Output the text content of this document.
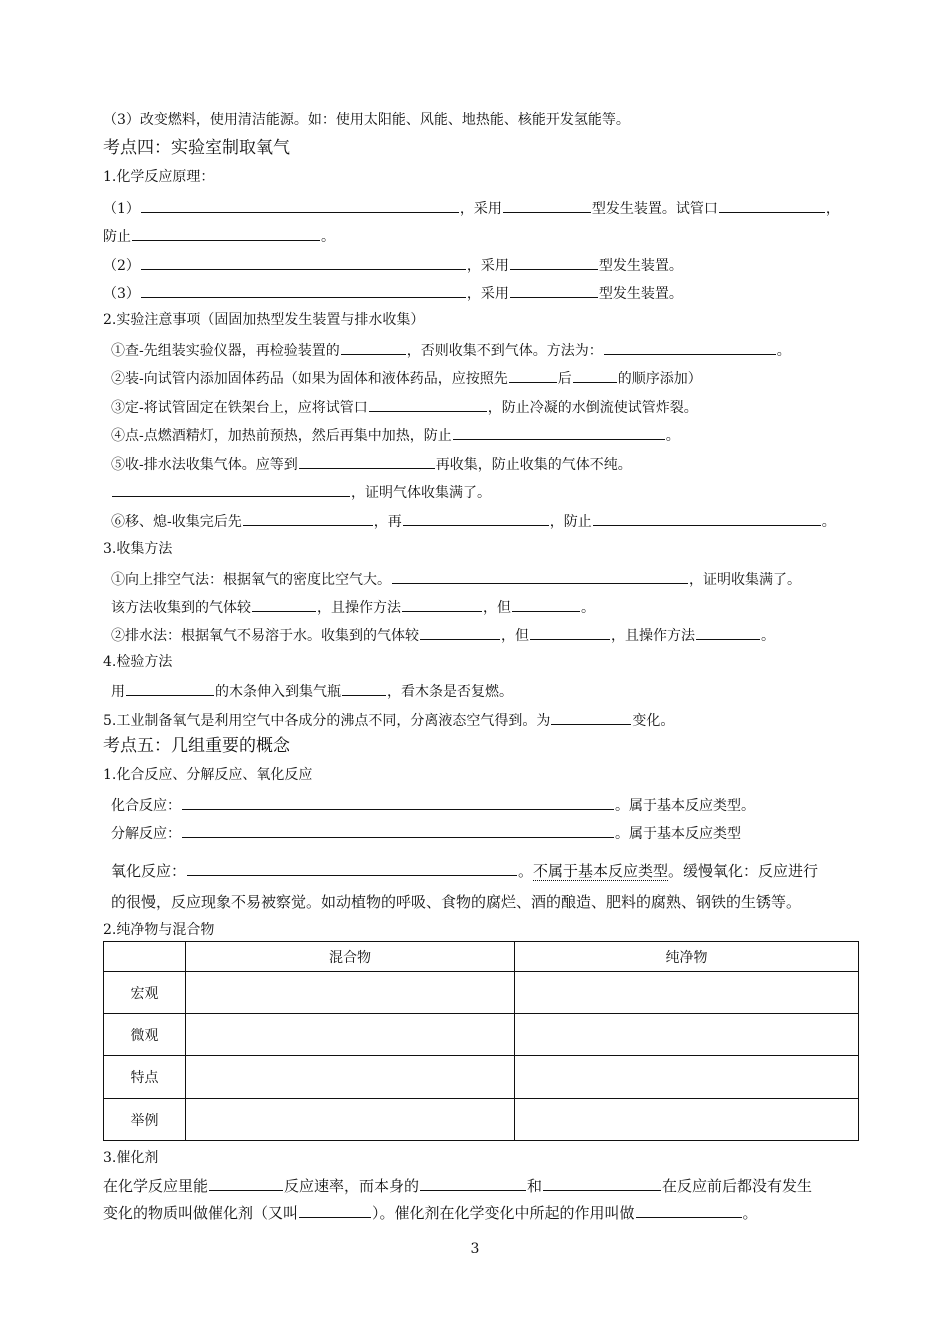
（3）改变燃料，使用清洁能源。如：使用太阳能、风能、地热能、核能开发氢能等。
考点四：实验室制取氧气
1.化学反应原理：
（1）	，采用	型发生装置。试管口	，
防止	。
（2）	，采用	型发生装置。
（3）	，采用	型发生装置。
2.实验注意事项（固固加热型发生装置与排水收集）
①查-先组装实验仪器，再检验装置的	，否则收集不到气体。方法为：	。
②装-向试管内添加固体药品（如果为固体和液体药品，应按照先	后	的顺序添加）
③定-将试管固定在铁架台上，应将试管口	，防止冷凝的水倒流使试管炸裂。
④点-点燃酒精灯，加热前预热，然后再集中加热，防止	。
⑤收-排水法收集气体。应等到	再收集，防止收集的气体不纯。
，证明气体收集满了。
⑥移、熄-收集完后先	，再	，防止	。
3.收集方法
①向上排空气法：根据氧气的密度比空气大。	，证明收集满了。
该方法收集到的气体较	，且操作方法	，但	。
②排水法：根据氧气不易溶于水。收集到的气体较	，但	，且操作方法	。
4.检验方法
用	的木条伸入到集气瓶	，看木条是否复燃。
5.工业制备氧气是利用空气中各成分的沸点不同，分离液态空气得到。为	变化。
考点五：几组重要的概念
1.化合反应、分解反应、氧化反应
化合反应：	。属于基本反应类型。
分解反应：	。属于基本反应类型
氧化反应：	。不属于基本反应类型。缓慢氧化：反应进行
的很慢，反应现象不易被察觉。如动植物的呼吸、食物的腐烂、酒的酿造、肥料的腐熟、钢铁的生锈等。
2.纯净物与混合物
	混合物	纯净物
宏观		
微观		
特点		
举例		
3.催化剂
在化学反应里能	反应速率，而本身的	和	在反应前后都没有发生
变化的物质叫做催化剂（又叫	）。催化剂在化学变化中所起的作用叫做	。
3
